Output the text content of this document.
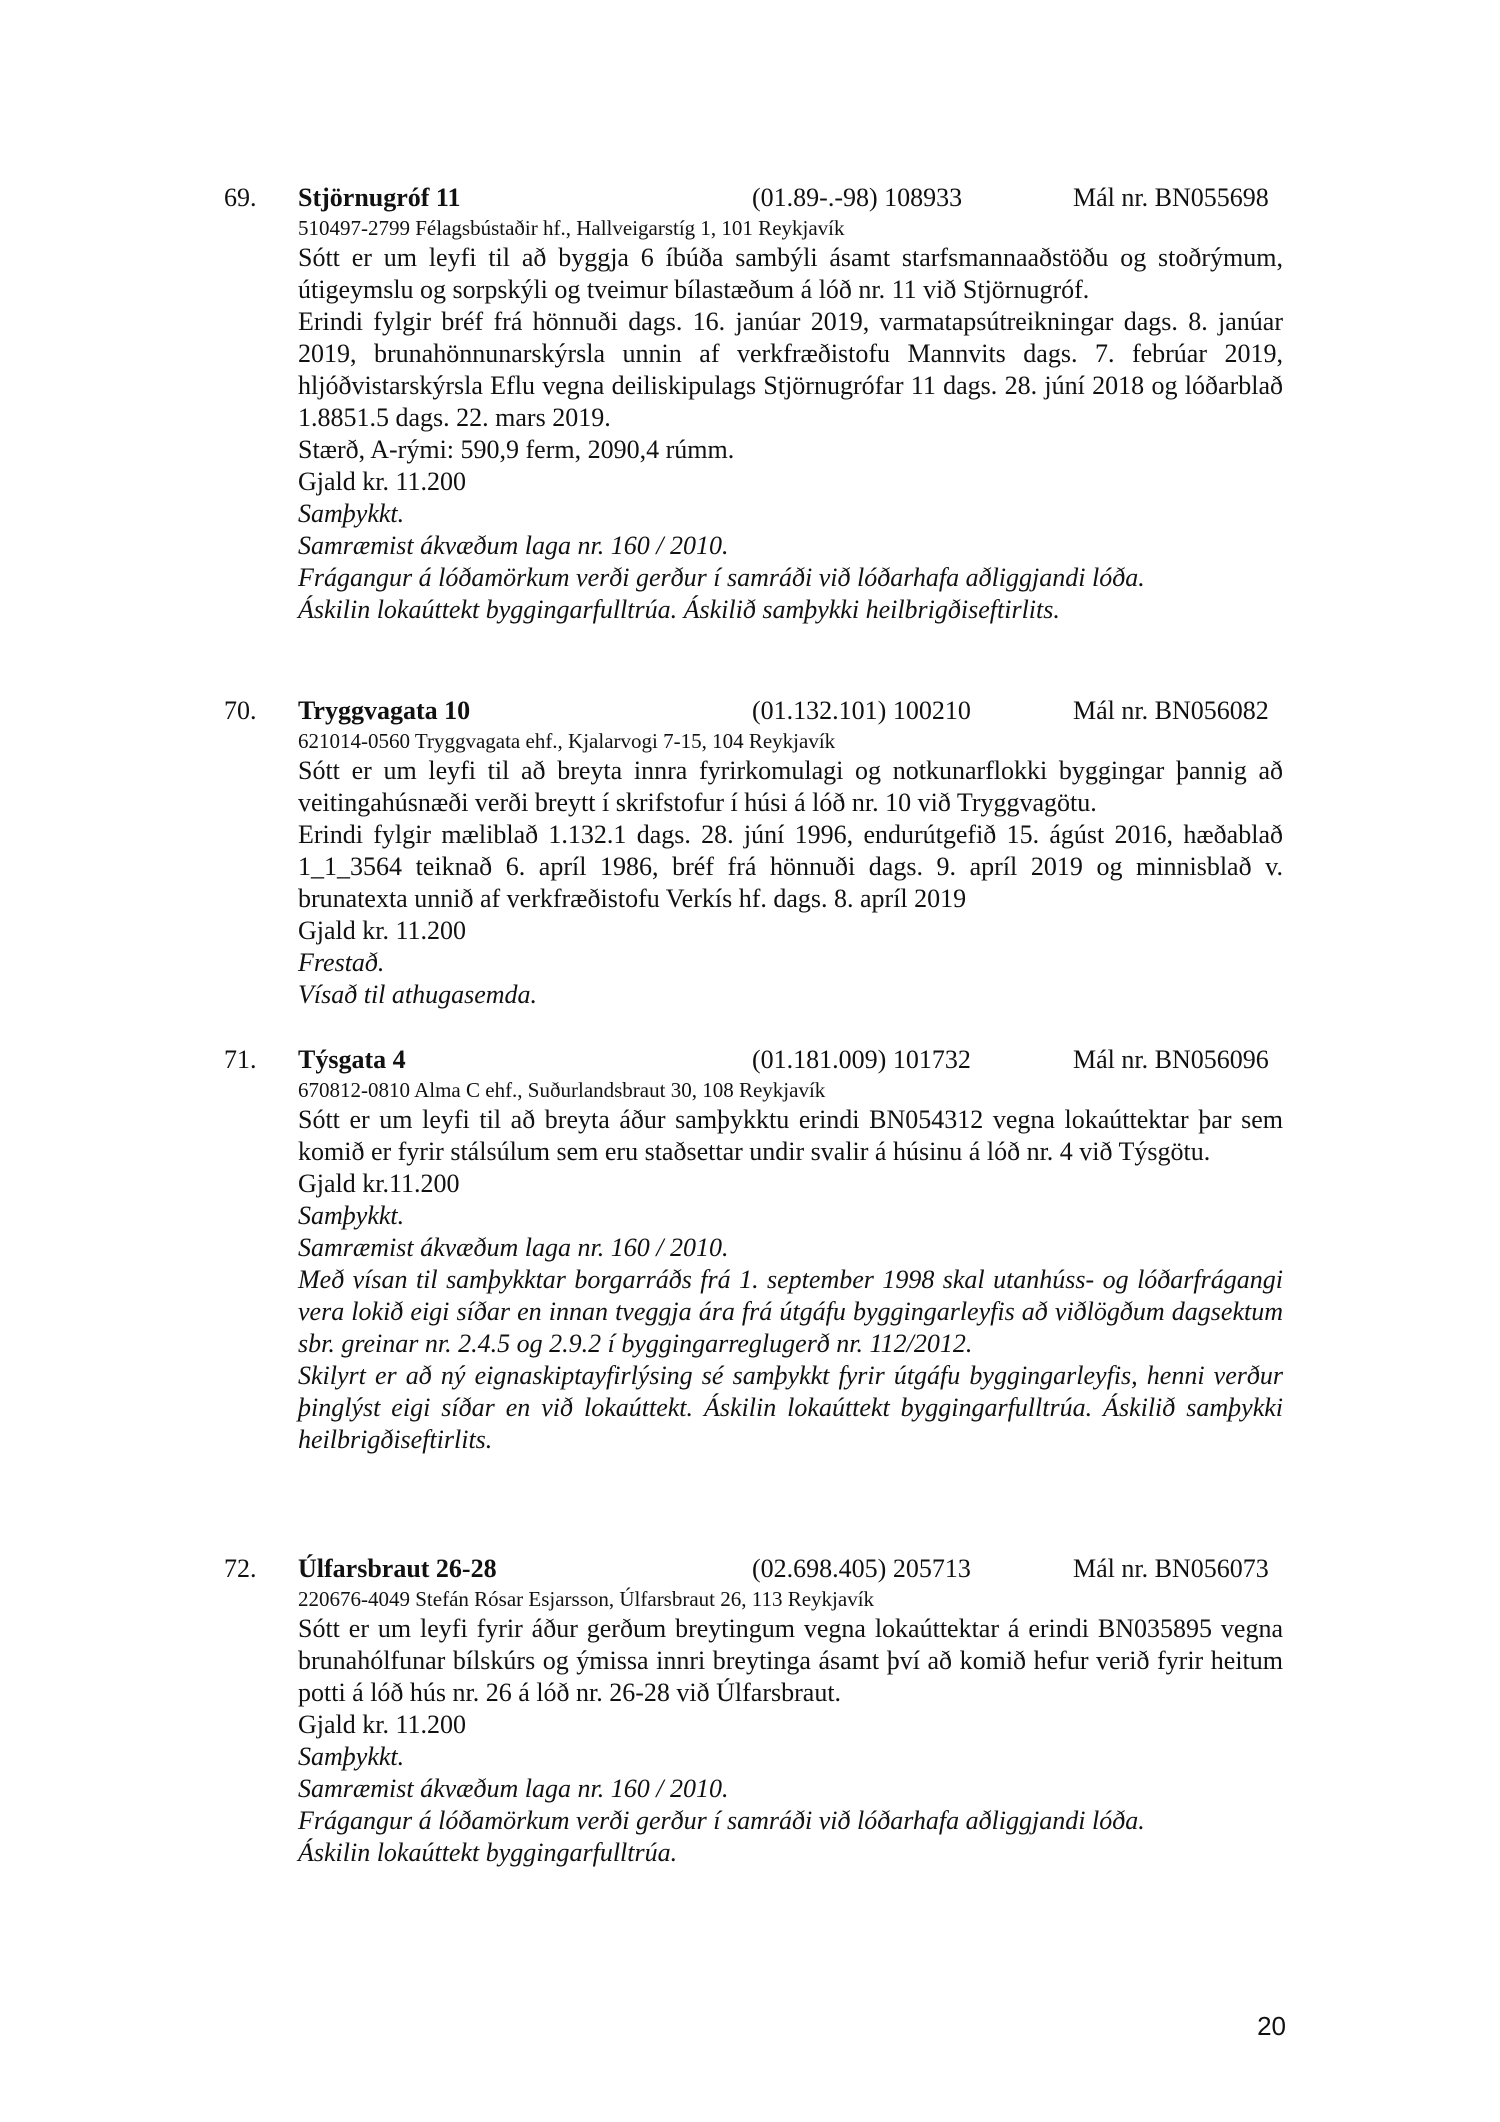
69. Stjörnugróf 11	(01.89-.-98) 108933	Mál nr. BN055698
510497-2799 Félagsbústaðir hf., Hallveigarstíg 1, 101 Reykjavík

Sótt er um leyfi til að byggja 6 íbúða sambýli ásamt starfsmannaaðstöðu og stoðrýmum, útigeymslu og sorpskýli og tveimur bílastæðum á lóð nr. 11 við Stjörnugróf.

Erindi fylgir bréf frá hönnuði dags. 16. janúar 2019, varmatapsútreikningar dags. 8. janúar 2019, brunahönnunarskýrsla unnin af verkfræðistofu Mannvits dags. 7. febrúar 2019, hljóðvistarskýrsla Eflu vegna deiliskipulags Stjörnugrófar 11 dags. 28. júní 2018 og lóðarblað 1.8851.5 dags. 22. mars 2019.

Stærð, A-rými: 590,9 ferm, 2090,4 rúmm.

Gjald kr. 11.200

Samþykkt.

Samræmist ákvæðum laga nr. 160 / 2010.

Frágangur á lóðamörkum verði gerður í samráði við lóðarhafa aðliggjandi lóða.

Áskilin lokaúttekt byggingarfulltrúa. Áskilið samþykki heilbrigðiseftirlits.

70. Tryggvagata 10	(01.132.101) 100210	Mál nr. BN056082
621014-0560 Tryggvagata ehf., Kjalarvogi 7-15, 104 Reykjavík

Sótt er um leyfi til að breyta innra fyrirkomulagi og notkunarflokki byggingar þannig að veitingahúsnæði verði breytt í skrifstofur í húsi á lóð nr. 10 við Tryggvagötu.

Erindi fylgir mæliblað 1.132.1 dags. 28. júní 1996, endurútgefið 15. ágúst 2016, hæðablað 1_1_3564 teiknað 6. apríl 1986, bréf frá hönnuði dags. 9. apríl 2019 og minnisblað v. brunatexta unnið af verkfræðistofu Verkís hf. dags. 8. apríl 2019

Gjald kr. 11.200

Frestað.

Vísað til athugasemda.

71. Týsgata 4	(01.181.009) 101732	Mál nr. BN056096
670812-0810 Alma C ehf., Suðurlandsbraut 30, 108 Reykjavík

Sótt er um leyfi til að breyta áður samþykktu erindi BN054312 vegna lokaúttektar þar sem komið er fyrir stálsúlum sem eru staðsettar undir svalir á húsinu á lóð nr. 4 við Týsgötu.

Gjald kr.11.200

Samþykkt.

Samræmist ákvæðum laga nr. 160 / 2010.

Með vísan til samþykktar borgarráðs frá 1. september 1998 skal utanhúss- og lóðarfrágangi vera lokið eigi síðar en innan tveggja ára frá útgáfu byggingarleyfis að viðlögðum dagsektum sbr. greinar nr. 2.4.5 og 2.9.2 í byggingarreglugerð nr. 112/2012.

Skilyrt er að ný eignaskiptayfirlýsing sé samþykkt fyrir útgáfu byggingarleyfis, henni verður þinglýst eigi síðar en við lokaúttekt. Áskilin lokaúttekt byggingarfulltrúa. Áskilið samþykki heilbrigðiseftirlits.

72. Úlfarsbraut 26-28	(02.698.405) 205713	Mál nr. BN056073
220676-4049 Stefán Rósar Esjarsson, Úlfarsbraut 26, 113 Reykjavík

Sótt er um leyfi fyrir áður gerðum breytingum vegna lokaúttektar á erindi BN035895 vegna brunahólfunar bílskúrs og ýmissa innri breytinga ásamt því að komið hefur verið fyrir heitum potti á lóð hús nr. 26 á lóð nr. 26-28 við Úlfarsbraut.

Gjald kr. 11.200

Samþykkt.

Samræmist ákvæðum laga nr. 160 / 2010.

Frágangur á lóðamörkum verði gerður í samráði við lóðarhafa aðliggjandi lóða.

Áskilin lokaúttekt byggingarfulltrúa.

20
